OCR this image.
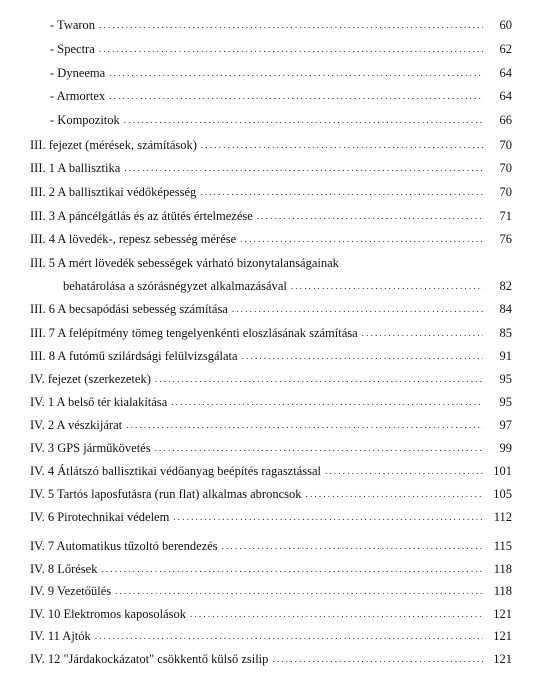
- Twaron .....	60
- Spectra .....	62
- Dyneema .....	64
- Armortex .....	64
- Kompozitok .....	66
III. fejezet (mérések, számítások) .....	70
III. 1 A ballisztika .....	70
III. 2 A ballisztikai védőképesség .....	70
III. 3 A páncélgátlás és az átütés értelmezése .....	71
III. 4 A lövedék-, repesz sebesség mérése .....	76
III. 5 A mért lövedék sebességek várható bizonytalanságainak
behatárolása a szórásnégyzet alkalmazásával .....	82
III. 6 A becsapódási sebesség számítása .....	84
III. 7 A felépítmény tömeg tengelyenkénti eloszlásának számítása .....	85
III. 8 A futómű szilárdsági felülvizsgálata .....	91
IV. fejezet (szerkezetek) .....	95
IV. 1 A belső tér kialakítása .....	95
IV. 2 A vészkijárat .....	97
IV. 3 GPS járműkövetés .....	99
IV. 4 Átlátszó ballisztikai védőanyag beépítés ragasztással .....	101
IV. 5 Tartós laposfutásra (run flat) alkalmas abroncsok .....	105
IV. 6 Pirotechnikai védelem .....	112
IV. 7 Automatikus tűzoltó berendezés .....	115
IV. 8 Lőrések .....	118
IV. 9 Vezetőülés .....	118
IV. 10 Elektromos kaposolások .....	121
IV. 11 Ajtók .....	121
IV. 12 "Járdakockázatot" csökkentő külső zsilip .....	121
